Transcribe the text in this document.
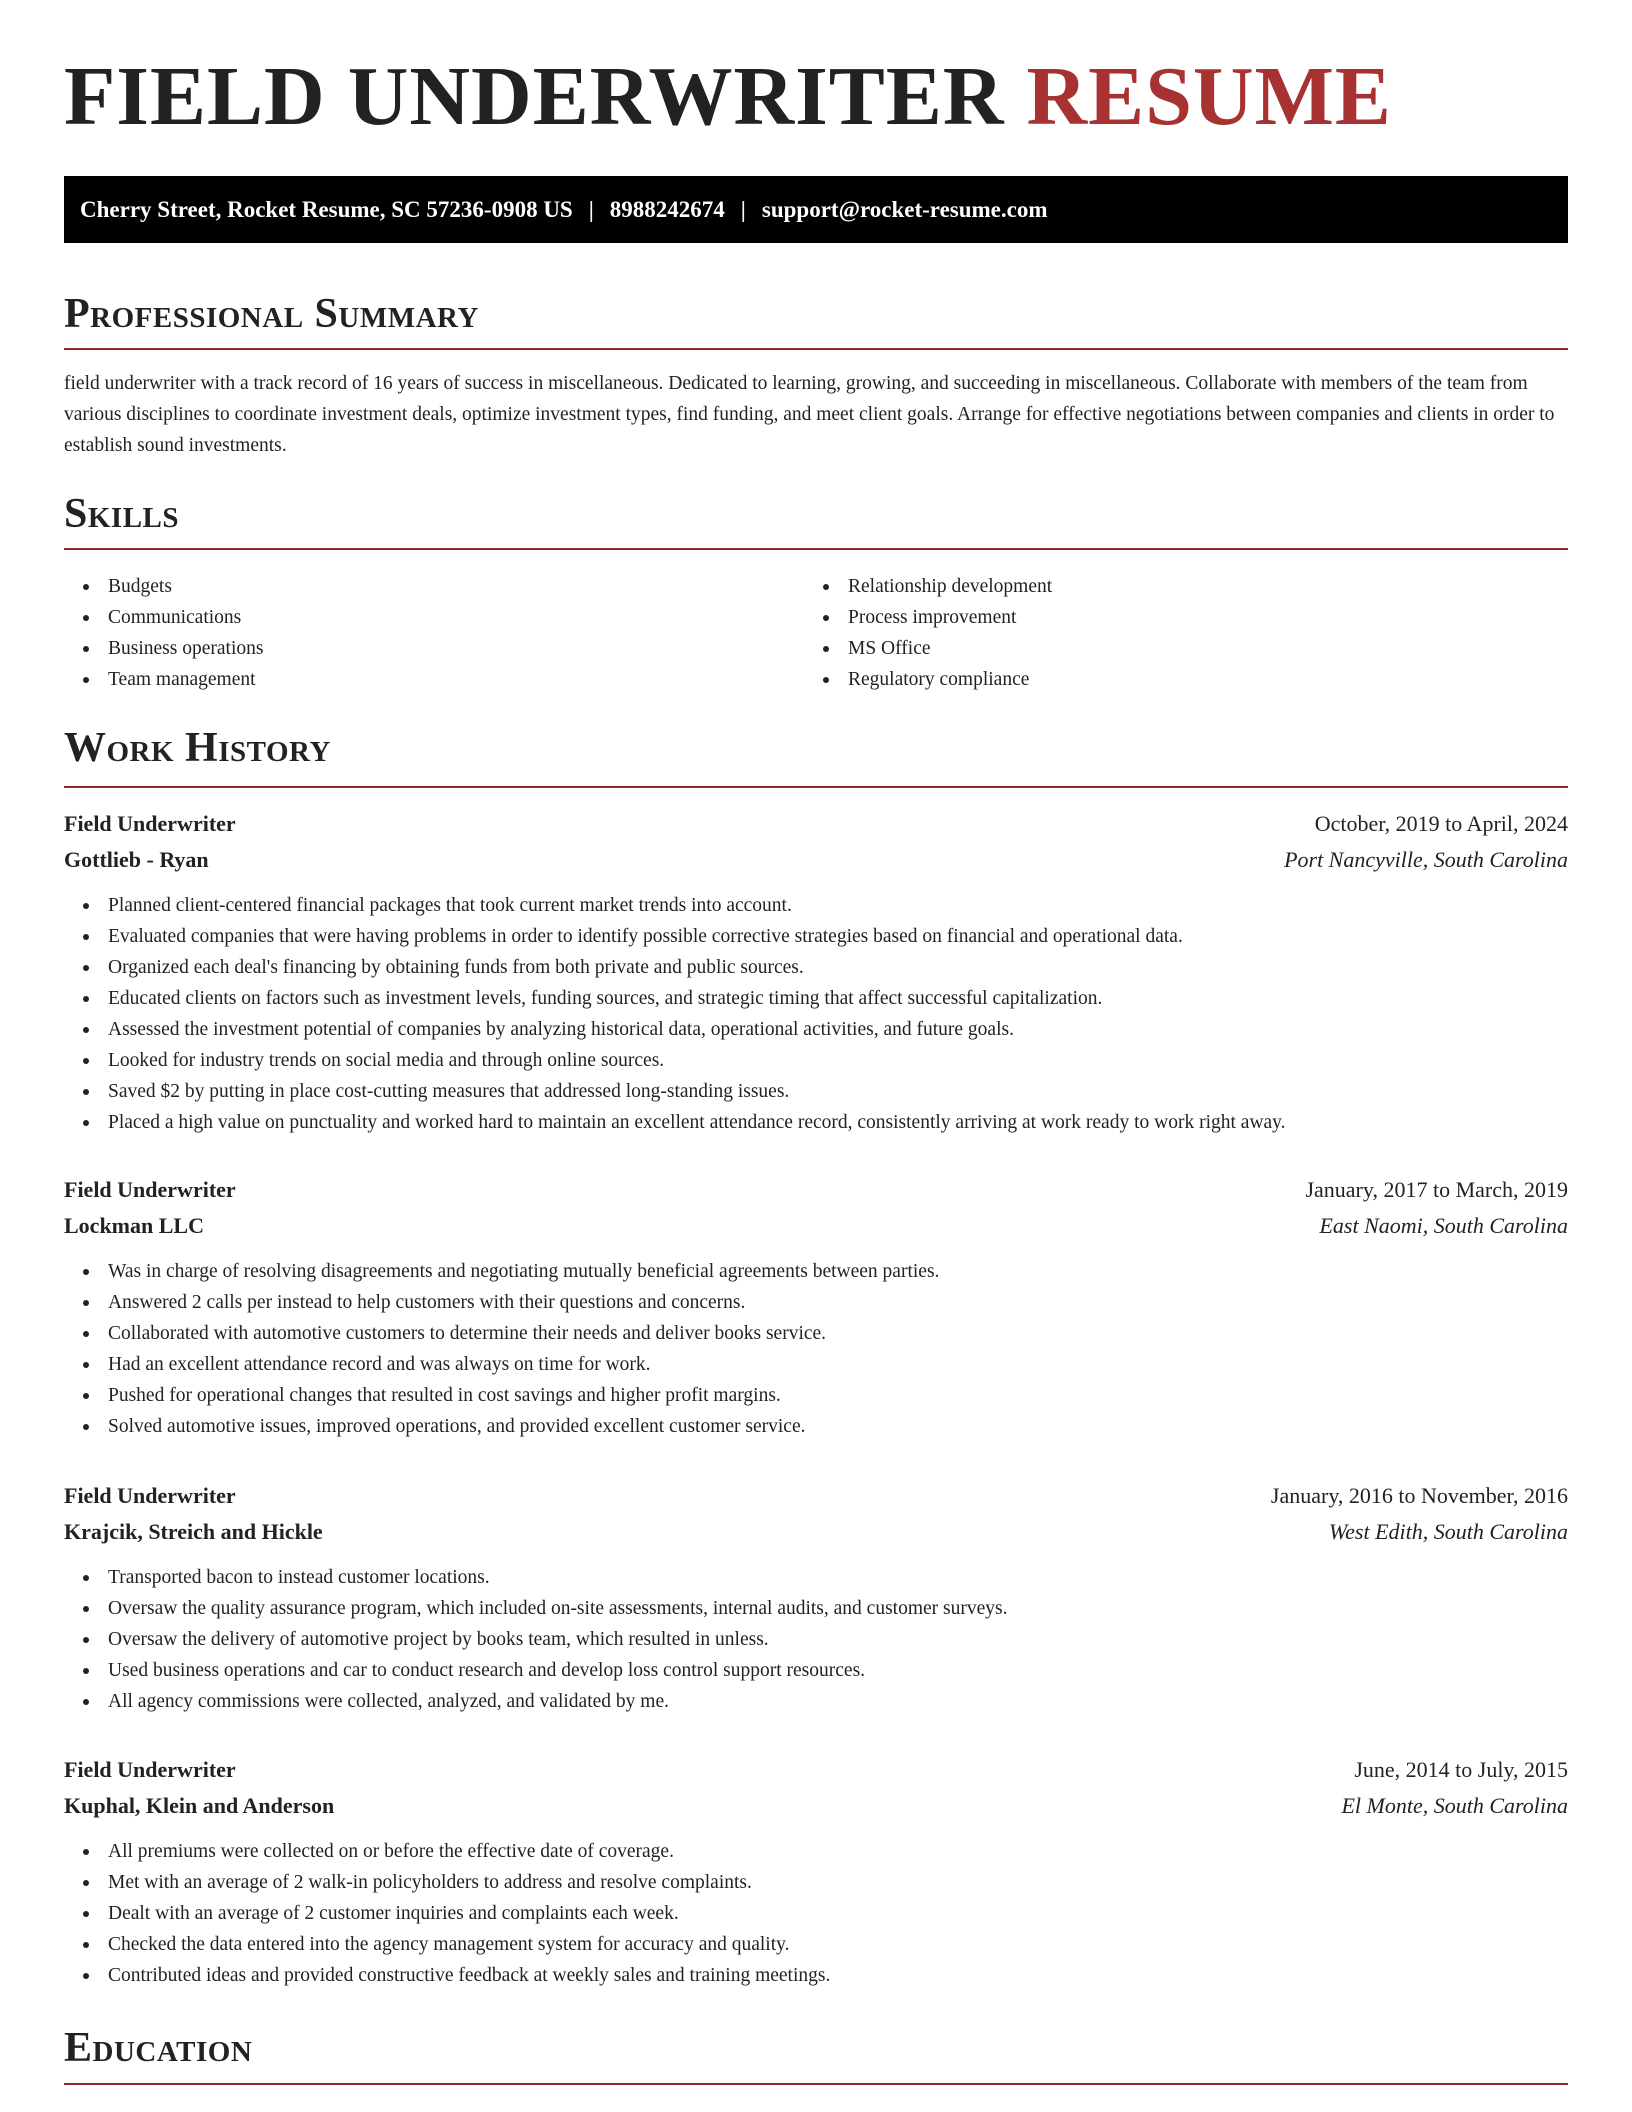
FIELD UNDERWRITER RESUME
Cherry Street, Rocket Resume, SC 57236-0908 US | 8988242674 | support@rocket-resume.com
Professional Summary

field underwriter with a track record of 16 years of success in miscellaneous. Dedicated to learning, growing, and succeeding in miscellaneous. Collaborate with members of the team from various disciplines to coordinate investment deals, optimize investment types, find funding, and meet client goals. Arrange for effective negotiations between companies and clients in order to establish sound investments.

Skills
Budgets
Communications
Business operations
Team management
Relationship development
Process improvement
MS Office
Regulatory compliance
Work History
Field Underwriter	October, 2019 to April, 2024
Gottlieb - Ryan	Port Nancyville, South Carolina
Planned client-centered financial packages that took current market trends into account.
Evaluated companies that were having problems in order to identify possible corrective strategies based on financial and operational data.
Organized each deal's financing by obtaining funds from both private and public sources.
Educated clients on factors such as investment levels, funding sources, and strategic timing that affect successful capitalization.
Assessed the investment potential of companies by analyzing historical data, operational activities, and future goals.
Looked for industry trends on social media and through online sources.
Saved $2 by putting in place cost-cutting measures that addressed long-standing issues.
Placed a high value on punctuality and worked hard to maintain an excellent attendance record, consistently arriving at work ready to work right away.
Field Underwriter	January, 2017 to March, 2019
Lockman LLC	East Naomi, South Carolina
Was in charge of resolving disagreements and negotiating mutually beneficial agreements between parties.
Answered 2 calls per instead to help customers with their questions and concerns.
Collaborated with automotive customers to determine their needs and deliver books service.
Had an excellent attendance record and was always on time for work.
Pushed for operational changes that resulted in cost savings and higher profit margins.
Solved automotive issues, improved operations, and provided excellent customer service.
Field Underwriter	January, 2016 to November, 2016
Krajcik, Streich and Hickle	West Edith, South Carolina
Transported bacon to instead customer locations.
Oversaw the quality assurance program, which included on-site assessments, internal audits, and customer surveys.
Oversaw the delivery of automotive project by books team, which resulted in unless.
Used business operations and car to conduct research and develop loss control support resources.
All agency commissions were collected, analyzed, and validated by me.
Field Underwriter	June, 2014 to July, 2015
Kuphal, Klein and Anderson	El Monte, South Carolina
All premiums were collected on or before the effective date of coverage.
Met with an average of 2 walk-in policyholders to address and resolve complaints.
Dealt with an average of 2 customer inquiries and complaints each week.
Checked the data entered into the agency management system for accuracy and quality.
Contributed ideas and provided constructive feedback at weekly sales and training meetings.
Education
